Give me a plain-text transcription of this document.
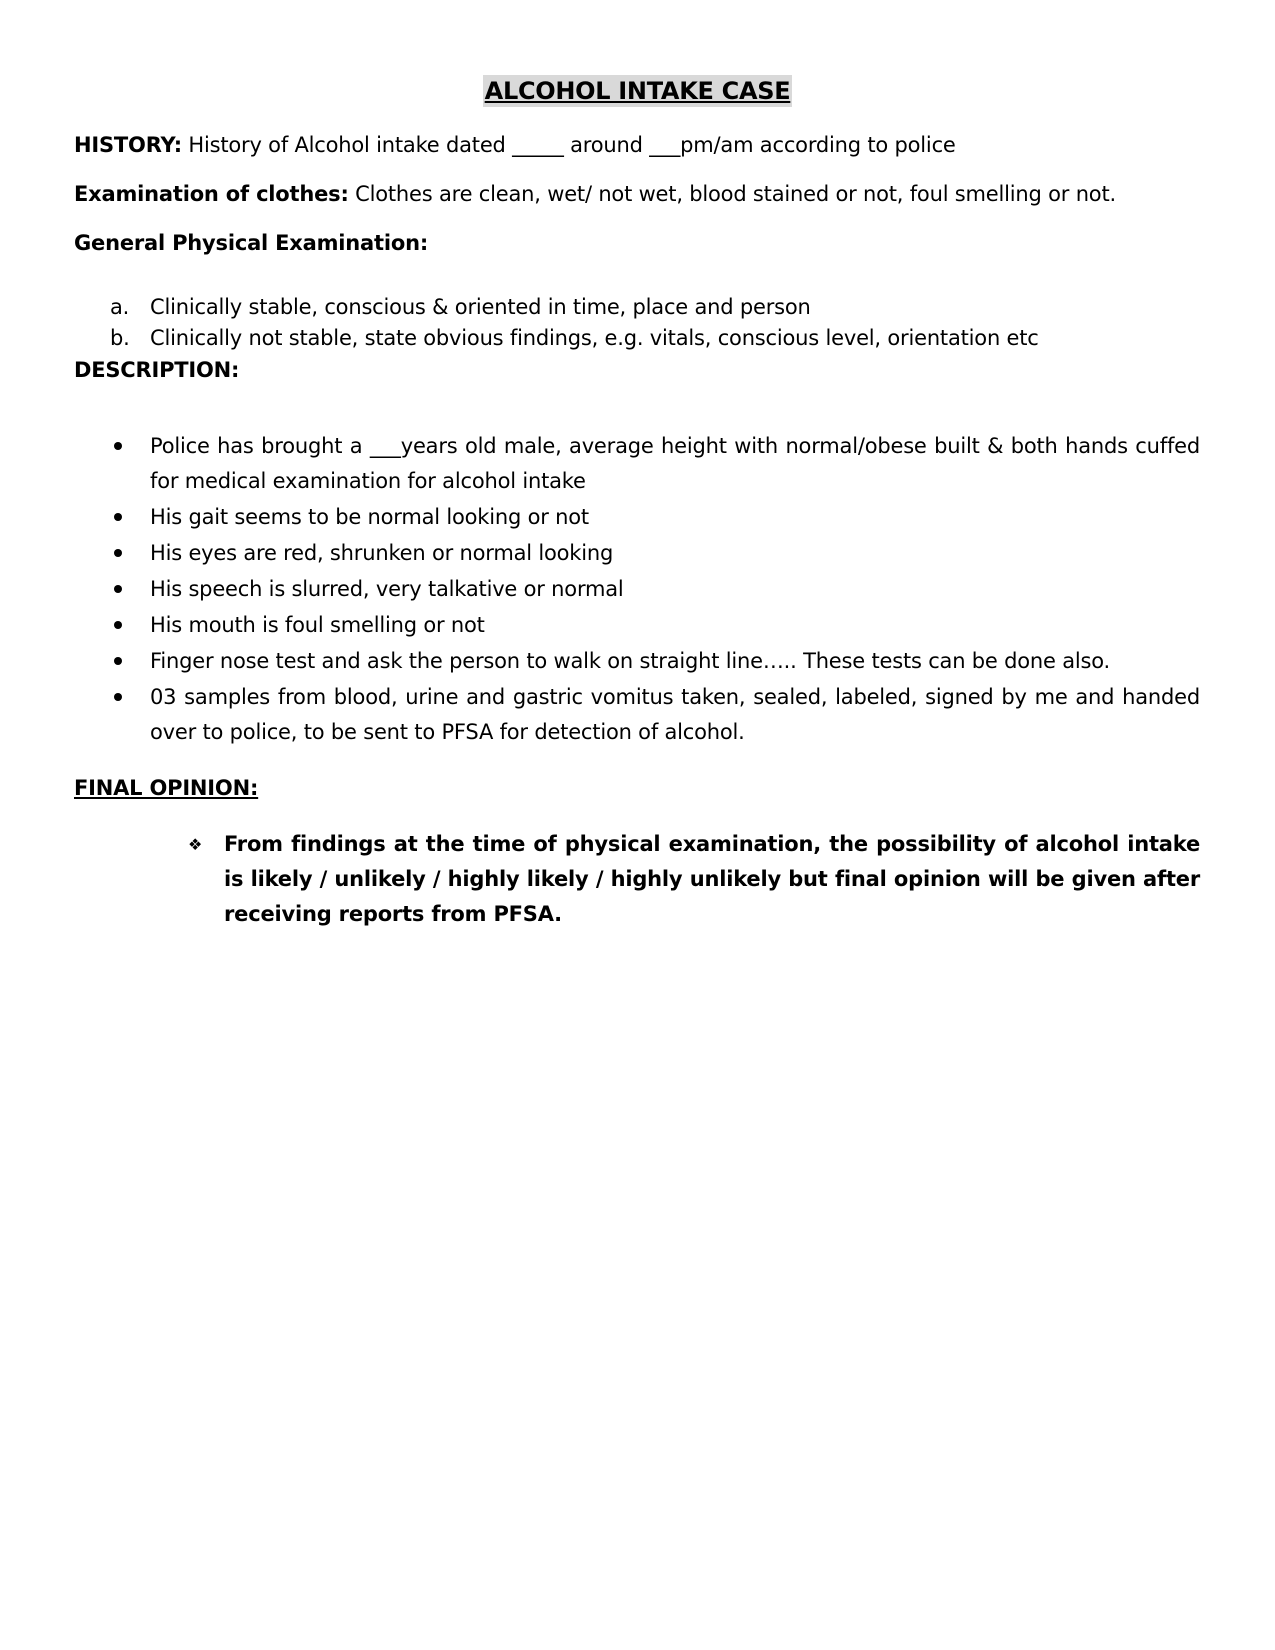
ALCOHOL INTAKE CASE
HISTORY: History of Alcohol intake dated _____ around ___pm/am according to police
Examination of clothes: Clothes are clean, wet/ not wet, blood stained or not, foul smelling or not.
General Physical Examination:
a. Clinically stable, conscious & oriented in time, place and person
b. Clinically not stable, state obvious findings, e.g. vitals, conscious level, orientation etc
DESCRIPTION:
Police has brought a ___years old male, average height with normal/obese built & both hands cuffed for medical examination for alcohol intake
His gait seems to be normal looking or not
His eyes are red, shrunken or normal looking
His speech is slurred, very talkative or normal
His mouth is foul smelling or not
Finger nose test and ask the person to walk on straight line….. These tests can be done also.
03 samples from blood, urine and gastric vomitus taken, sealed, labeled, signed by me and handed over to police, to be sent to PFSA for detection of alcohol.
FINAL OPINION:
❖ From findings at the time of physical examination, the possibility of alcohol intake is likely / unlikely / highly likely / highly unlikely but final opinion will be given after receiving reports from PFSA.
